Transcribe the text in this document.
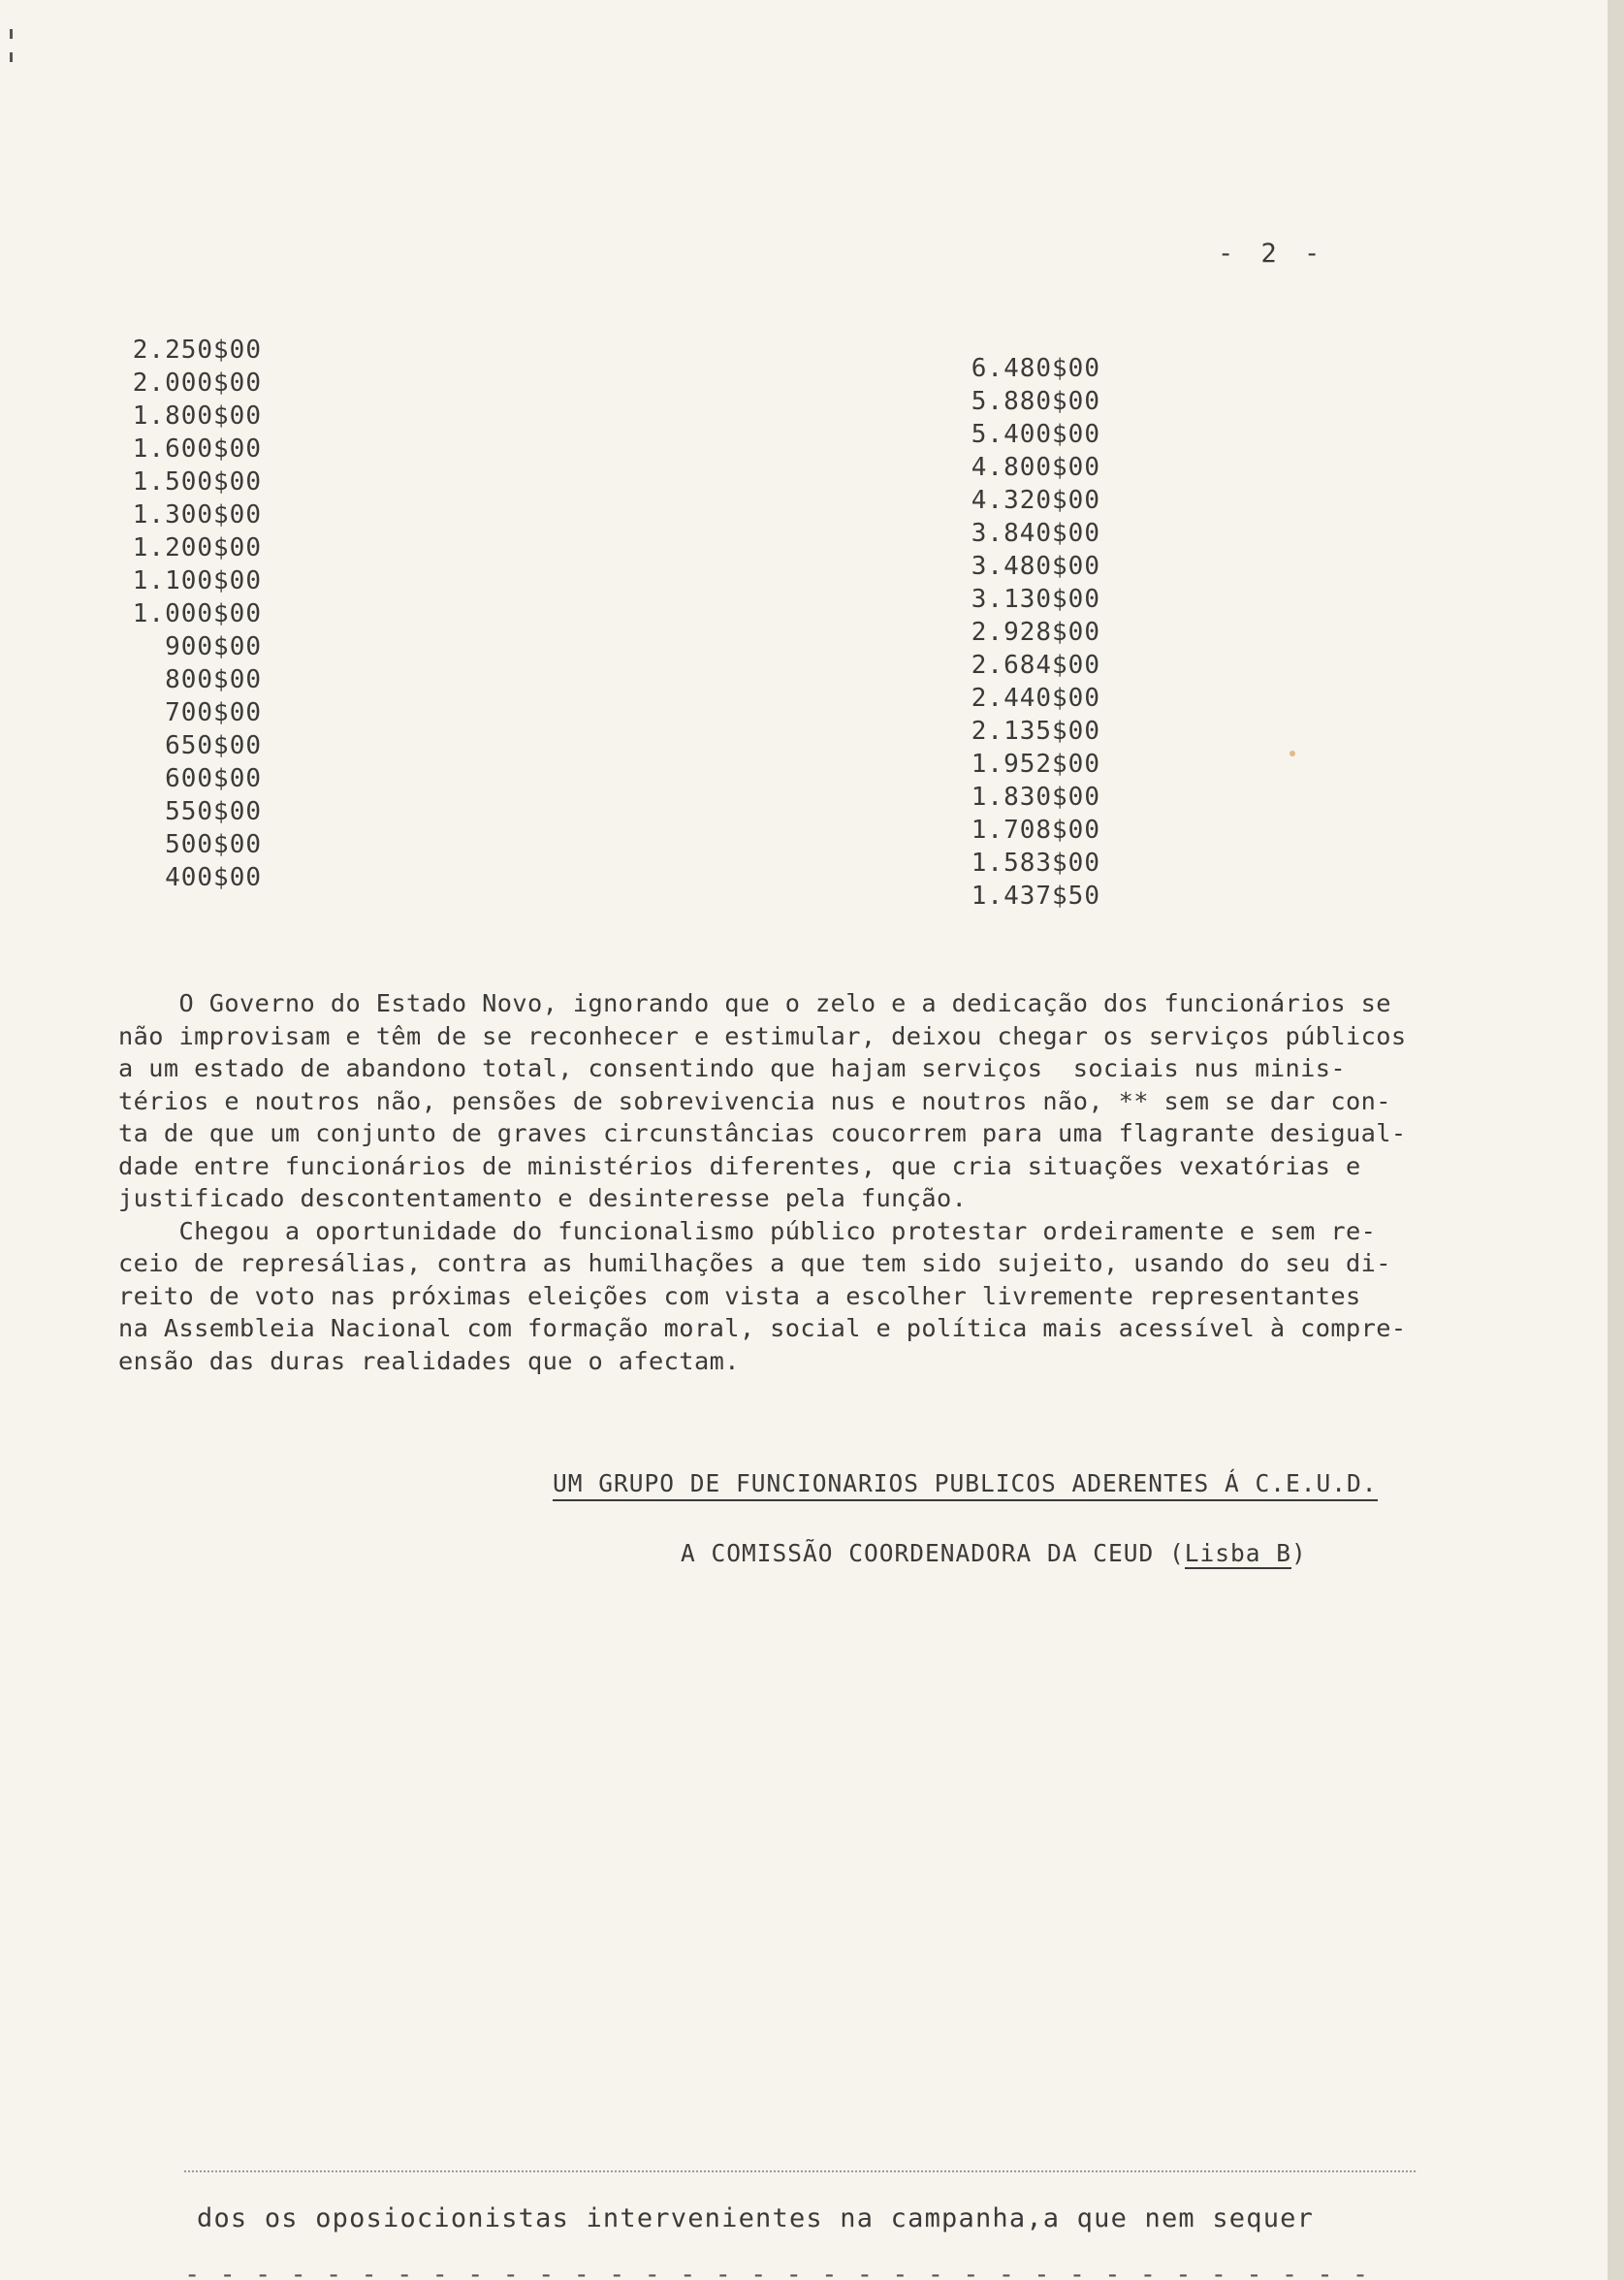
- 2 -
2.250$00
2.000$00
1.800$00
1.600$00
1.500$00
1.300$00
1.200$00
1.100$00
1.000$00
900$00
800$00
700$00
650$00
600$00
550$00
500$00
400$00
6.480$00
5.880$00
5.400$00
4.800$00
4.320$00
3.840$00
3.480$00
3.130$00
2.928$00
2.684$00
2.440$00
2.135$00
1.952$00
1.830$00
1.708$00
1.583$00
1.437$50

O Governo do Estado Novo, ignorando que o zelo e a dedicação dos funcionários se

não improvisam e têm de se reconhecer e estimular, deixou chegar os serviços públicos

a um estado de abandono total, consentindo que hajam serviços  sociais nus minis-

térios e noutros não, pensões de sobrevivencia nus e noutros não, ** sem se dar con-

ta de que um conjunto de graves circunstâncias coucorrem para uma flagrante desigual-

dade entre funcionários de ministérios diferentes, que cria situações vexatórias e

justificado descontentamento e desinteresse pela função.

Chegou a oportunidade do funcionalismo público protestar ordeiramente e sem re-

ceio de represálias, contra as humilhações a que tem sido sujeito, usando do seu di-

reito de voto nas próximas eleições com vista a escolher livremente representantes

na Assembleia Nacional com formação moral, social e política mais acessível à compre-

ensão das duras realidades que o afectam.

UM GRUPO DE FUNCIONARIOS PUBLICOS ADERENTES Á C.E.U.D.
A COMISSÃO COORDENADORA DA CEUD (Lisba B)
dos os oposiocionistas intervenientes na campanha,a que nem sequer
- - - - - - - - - - - - - - - - - - - - - - - - - - - - - - - - - -
